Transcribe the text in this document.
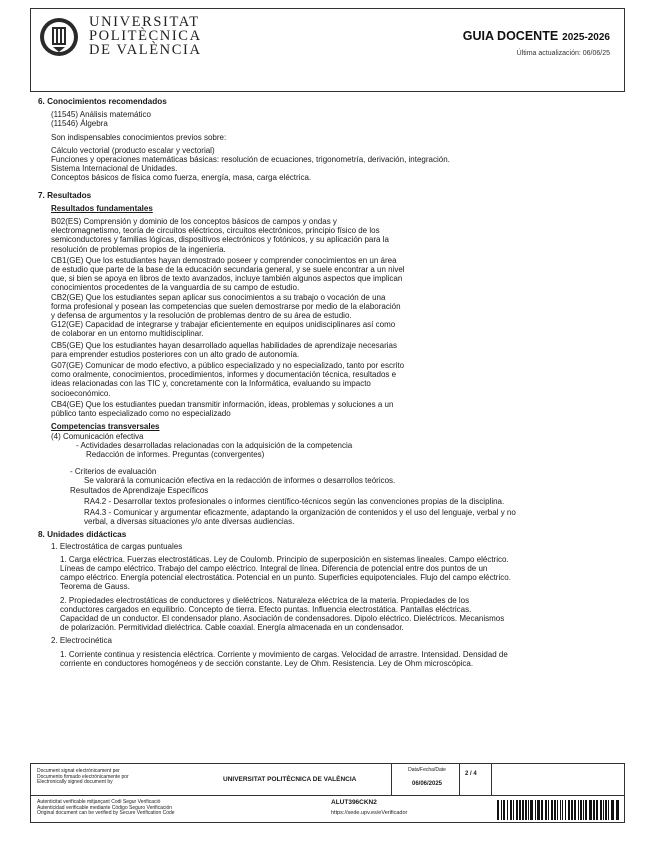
UNIVERSITAT
POLITÈCNICA
DE VALÈNCIA
GUIA DOCENTE 2025-2026
Última actualización: 06/06/25

6. Conocimientos recomendados

(11545) Análisis matemático

(11546) Álgebra

Son indispensables conocimientos previos sobre:

Cálculo vectorial (producto escalar y vectorial)

Funciones y operaciones matemáticas básicas: resolución de ecuaciones, trigonometría, derivación, integración.

Sistema Internacional de Unidades.

Conceptos básicos de física como fuerza, energía, masa, carga eléctrica.

7. Resultados

Resultados fundamentales

B02(ES) Comprensión y dominio de los conceptos básicos de campos y ondas y

electromagnetismo, teoría de circuitos eléctricos, circuitos electrónicos, principio físico de los

semiconductores y familias lógicas, dispositivos electrónicos y fotónicos, y su aplicación para la

resolución de problemas propios de la ingeniería.

CB1(GE) Que los estudiantes hayan demostrado poseer y comprender conocimientos en un área

de estudio que parte de la base de la educación secundaria general, y se suele encontrar a un nivel

que, si bien se apoya en libros de texto avanzados, incluye también algunos aspectos que implican

conocimientos procedentes de la vanguardia de su campo de estudio.

CB2(GE) Que los estudiantes sepan aplicar sus conocimientos a su trabajo o vocación de una

forma profesional y posean las competencias que suelen demostrarse por medio de la elaboración

y defensa de argumentos y la resolución de problemas dentro de su área de estudio.

G12(GE) Capacidad de integrarse y trabajar eficientemente en equipos unidisciplinares así como

de colaborar en un entorno multidisciplinar.

CB5(GE) Que los estudiantes hayan desarrollado aquellas habilidades de aprendizaje necesarias

para emprender estudios posteriores con un alto grado de autonomía.

G07(GE) Comunicar de modo efectivo, a público especializado y no especializado, tanto por escrito

como oralmente, conocimientos, procedimientos, informes y documentación técnica, resultados e

ideas relacionadas con las TIC y, concretamente con la Informática, evaluando su impacto

socioeconómico.

CB4(GE) Que los estudiantes puedan transmitir información, ideas, problemas y soluciones a un

público tanto especializado como no especializado

Competencias transversales

(4) Comunicación efectiva

- Actividades desarrolladas relacionadas con la adquisición de la competencia

Redacción de informes. Preguntas (convergentes)

- Criterios de evaluación

Se valorará la comunicación efectiva en la redacción de informes o desarrollos teóricos.

Resultados de Aprendizaje Específicos

RA4.2 - Desarrollar textos profesionales o informes científico-técnicos según las convenciones propias de la disciplina.

RA4.3 - Comunicar y argumentar eficazmente, adaptando la organización de contenidos y el uso del lenguaje, verbal y no

verbal, a diversas situaciones y/o ante diversas audiencias.

8. Unidades didácticas

1. Electrostática de cargas puntuales

1. Carga eléctrica. Fuerzas electrostáticas. Ley de Coulomb. Principio de superposición en sistemas lineales. Campo eléctrico.

Líneas de campo eléctrico. Trabajo del campo eléctrico. Integral de línea. Diferencia de potencial entre dos puntos de un

campo eléctrico. Energía potencial electrostática. Potencial en un punto. Superficies equipotenciales. Flujo del campo eléctrico.

Teorema de Gauss.

2. Propiedades electrostáticas de conductores y dieléctricos. Naturaleza eléctrica de la materia. Propiedades de los

conductores cargados en equilibrio. Concepto de tierra. Efecto puntas. Influencia electrostática. Pantallas eléctricas.

Capacidad de un conductor. El condensador plano. Asociación de condensadores. Dipolo eléctrico. Dieléctricos. Mecanismos

de polarización. Permitividad dieléctrica. Cable coaxial. Energía almacenada en un condensador.

2. Electrocinética

1. Corriente continua y resistencia eléctrica. Corriente y movimiento de cargas. Velocidad de arrastre. Intensidad. Densidad de

corriente en conductores homogéneos y de sección constante. Ley de Ohm. Resistencia. Ley de Ohm microscópica.

Document signat electrònicament per
Documento firmado electrónicamente por
Electronically signed document by	UNIVERSITAT POLITÈCNICA DE VALÈNCIA
Data/Fecha/Date
06/06/2025
2 / 4
Autenticitat verificable mitjançant Codi Segur Verificació
Autenticidad verificable mediante Código Seguro Verificación
Original document can be verified by Secure Verification Code
ALUT396CKN2
https://sede.upv.es/eVerificador
